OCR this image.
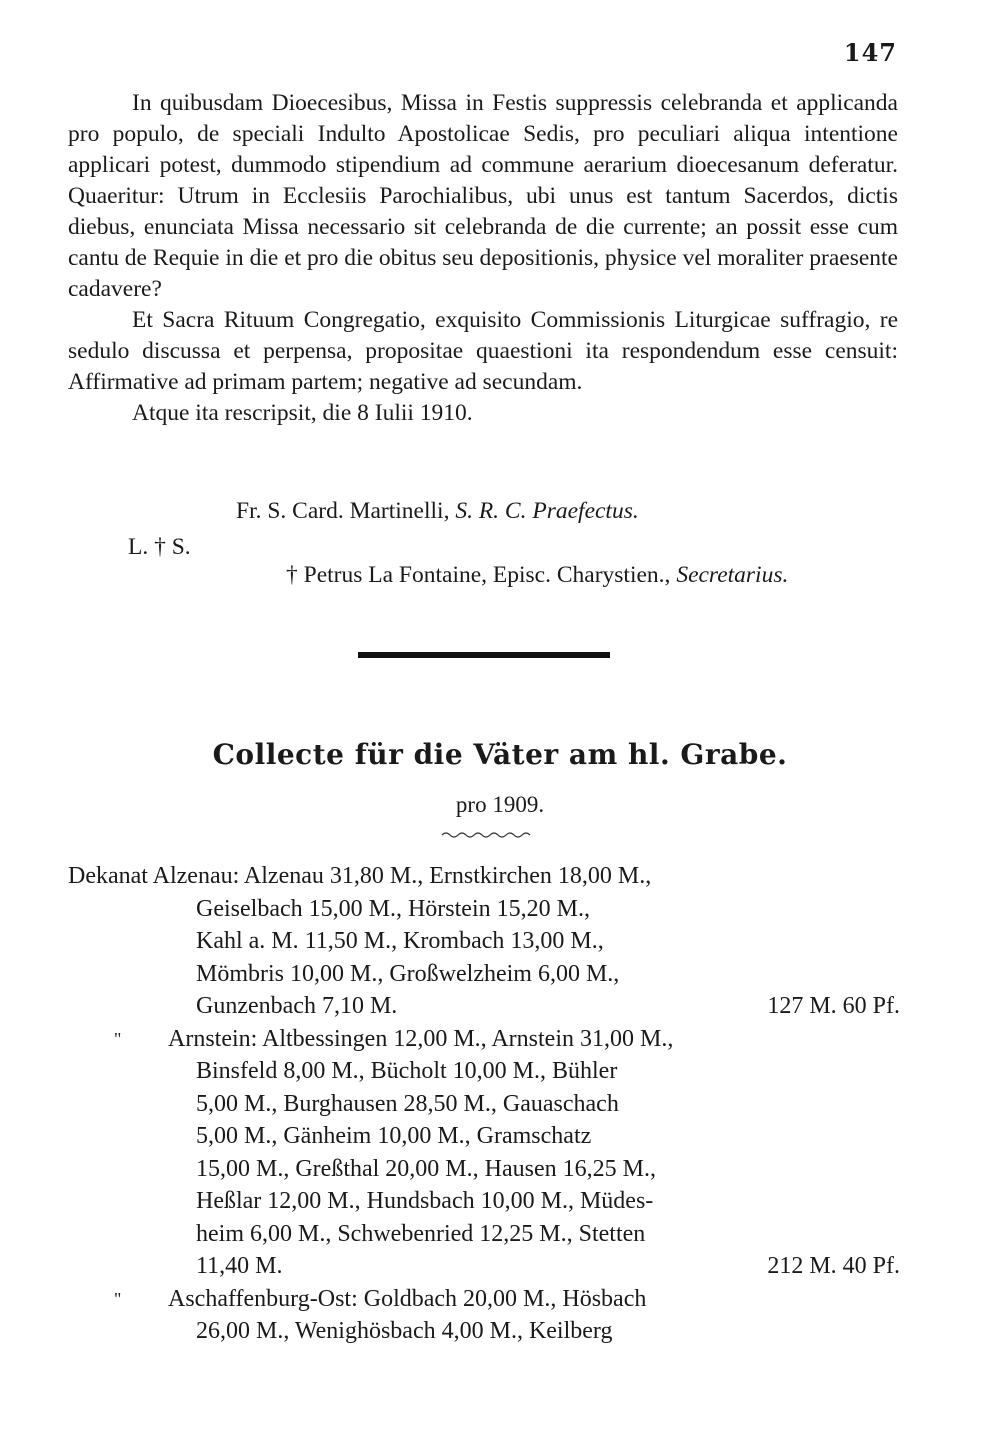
147

In quibusdam Dioecesibus, Missa in Festis suppressis celebranda et applicanda pro populo, de speciali Indulto Apostolicae Sedis, pro peculiari aliqua intentione applicari potest, dummodo stipendium ad commune aerarium dioecesanum deferatur. Quaeritur: Utrum in Ecclesiis Parochialibus, ubi unus est tantum Sacerdos, dictis diebus, enunciata Missa necessario sit celebranda de die currente; an possit esse cum cantu de Requie in die et pro die obitus seu depositionis, physice vel moraliter praesente cadavere?

Et Sacra Rituum Congregatio, exquisito Commissionis Liturgicae suffragio, re sedulo discussa et perpensa, propositae quaestioni ita respondendum esse censuit: Affirmative ad primam partem; negative ad secundam.

Atque ita rescripsit, die 8 Iulii 1910.

Fr. S. Card. Martinelli, S. R. C. Praefectus.
L. † S.
† Petrus La Fontaine, Episc. Charystien., Secretarius.
Collecte für die Väter am hl. Grabe.
pro 1909.
Dekanat Alzenau: Alzenau 31,80 M., Ernstkirchen 18,00 M.,
Geiselbach 15,00 M., Hörstein 15,20 M.,
Kahl a. M. 11,50 M., Krombach 13,00 M.,
Mömbris 10,00 M., Großwelzheim 6,00 M.,
Gunzenbach 7,10 M.	127 M. 60 Pf.
"	Arnstein: Altbessingen 12,00 M., Arnstein 31,00 M.,
Binsfeld 8,00 M., Bücholt 10,00 M., Bühler
5,00 M., Burghausen 28,50 M., Gauaschach
5,00 M., Gänheim 10,00 M., Gramschatz
15,00 M., Greßthal 20,00 M., Hausen 16,25 M.,
Heßlar 12,00 M., Hundsbach 10,00 M., Müdes-
heim 6,00 M., Schwebenried 12,25 M., Stetten
11,40 M.	212 M. 40 Pf.
"	Aschaffenburg-Ost: Goldbach 20,00 M., Hösbach
26,00 M., Wenighösbach 4,00 M., Keilberg
